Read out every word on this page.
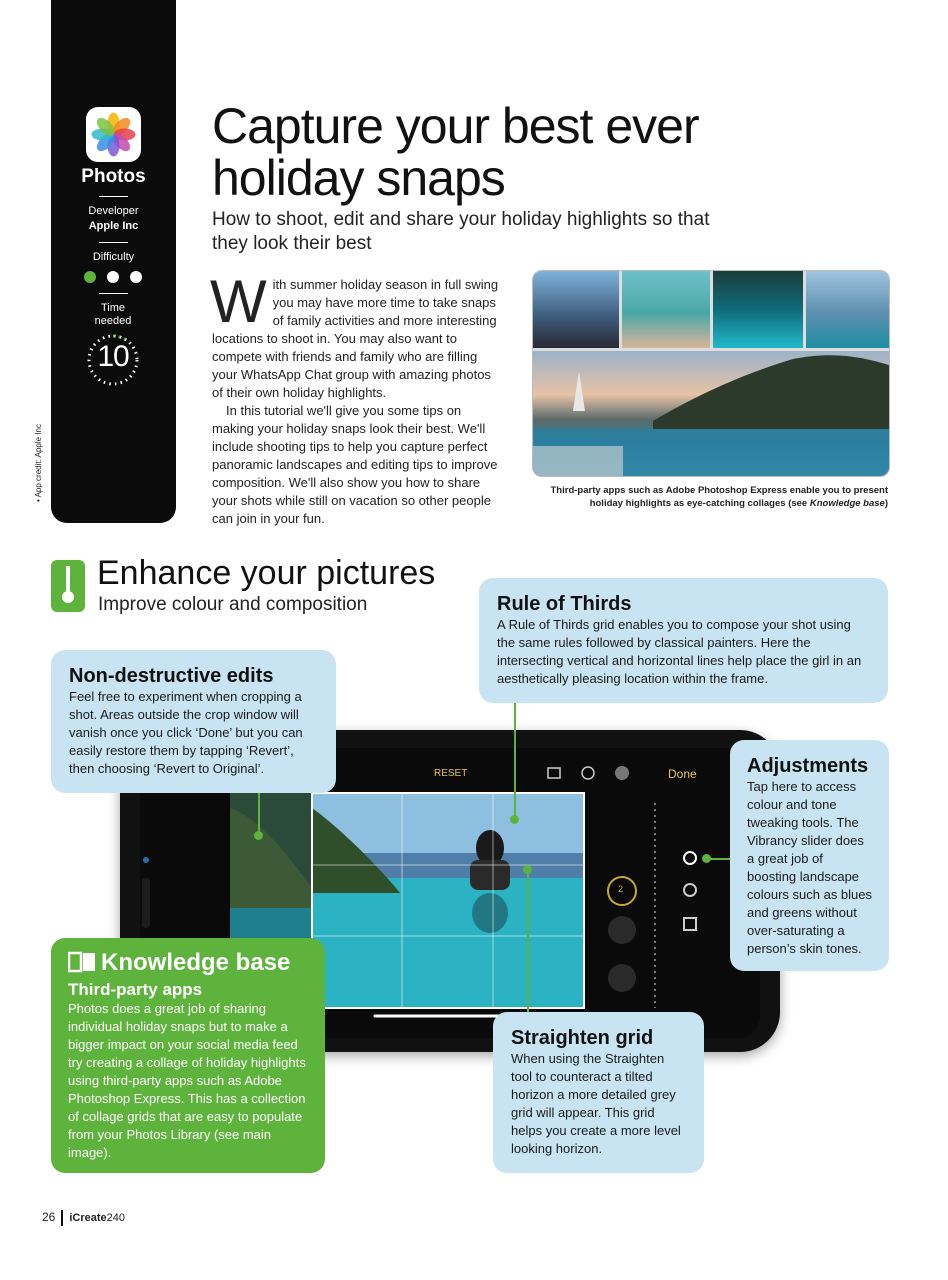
Photos
Developer
Apple Inc
Difficulty
Time needed
10
• App credit: Apple Inc
Capture your best ever holiday snaps
How to shoot, edit and share your holiday highlights so that they look their best
W ith summer holiday season in full swing you may have more time to take snaps of family activities and more interesting locations to shoot in. You may also want to compete with friends and family who are filling your WhatsApp Chat group with amazing photos of their own holiday highlights.
In this tutorial we'll give you some tips on making your holiday snaps look their best. We'll include shooting tips to help you capture perfect panoramic landscapes and editing tips to improve composition. We'll also show you how to share your shots while still on vacation so other people can join in your fun.
Third-party apps such as Adobe Photoshop Express enable you to present holiday highlights as eye-catching collages (see Knowledge base)
Enhance your pictures
Improve colour and composition
RESET	Done
2
Non-destructive edits

Feel free to experiment when cropping a shot. Areas outside the crop window will vanish once you click ‘Done’ but you can easily restore them by tapping ‘Revert’, then choosing ‘Revert to Original’.

Rule of Thirds

A Rule of Thirds grid enables you to compose your shot using the same rules followed by classical painters. Here the intersecting vertical and horizontal lines help place the girl in an aesthetically pleasing location within the frame.

Adjustments

Tap here to access colour and tone tweaking tools. The Vibrancy slider does a great job of boosting landscape colours such as blues and greens without over-saturating a person’s skin tones.

Straighten grid

When using the Straighten tool to counteract a tilted horizon a more detailed grey grid will appear. This grid helps you create a more level looking horizon.

Knowledge base
Third-party apps
Photos does a great job of sharing individual holiday snaps but to make a bigger impact on your social media feed try creating a collage of holiday highlights using third-party apps such as Adobe Photoshop Express. This has a collection of collage grids that are easy to populate from your Photos Library (see main image).
26 iCreate240
